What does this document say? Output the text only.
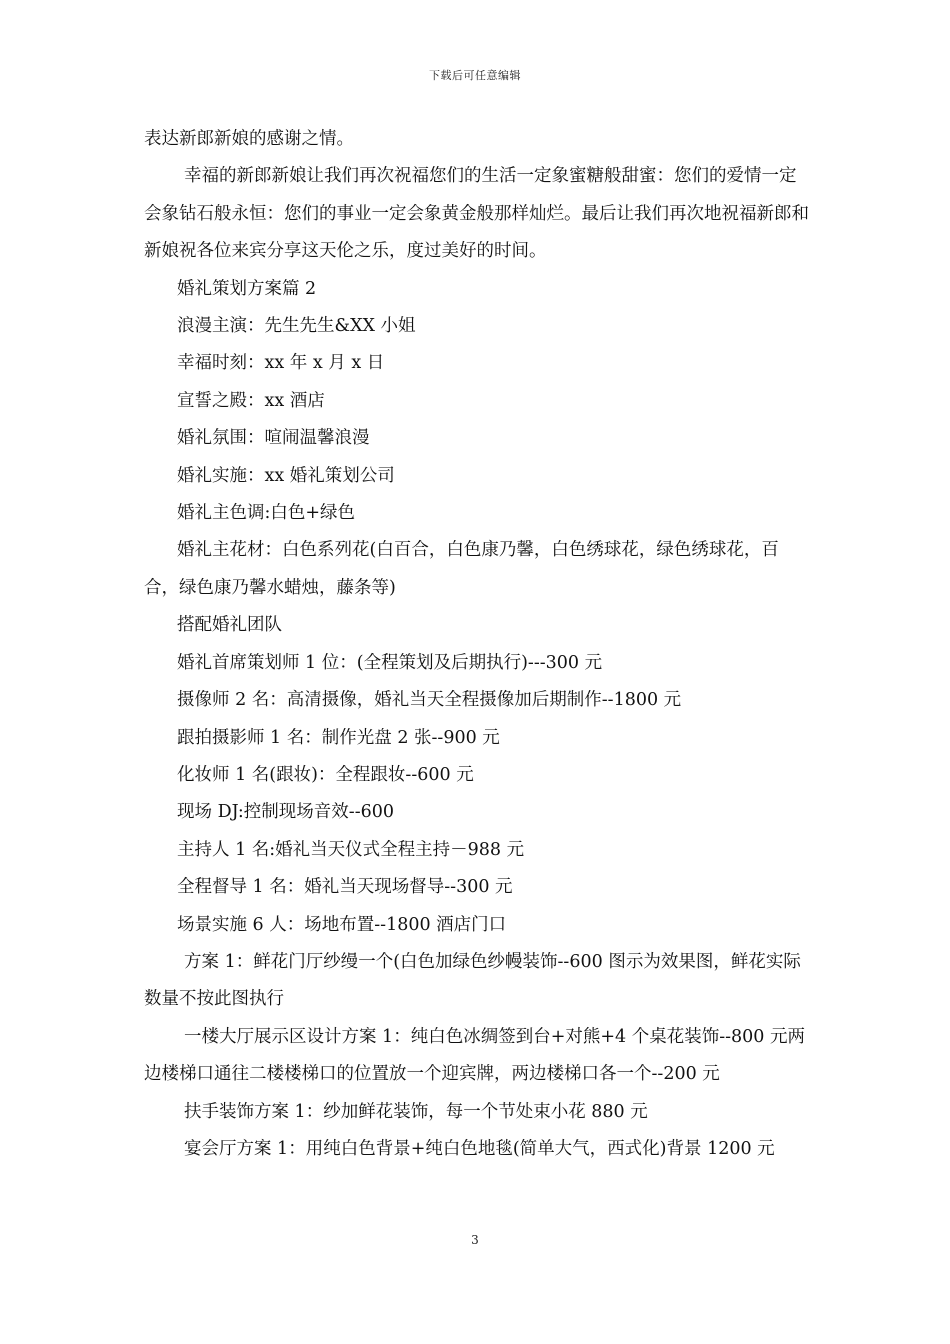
下载后可任意编辑

表达新郎新娘的感谢之情。

幸福的新郎新娘让我们再次祝福您们的生活一定象蜜糖般甜蜜：您们的爱情一定会象钻石般永恒：您们的事业一定会象黄金般那样灿烂。最后让我们再次地祝福新郎和新娘祝各位来宾分享这天伦之乐，度过美好的时间。

婚礼策划方案篇 2

浪漫主演：先生先生&XX 小姐

幸福时刻：xx 年 x 月 x 日

宣誓之殿：xx 酒店

婚礼氛围：喧闹温馨浪漫

婚礼实施：xx 婚礼策划公司

婚礼主色调:白色+绿色

婚礼主花材：白色系列花(白百合，白色康乃馨，白色绣球花，绿色绣球花，百合，绿色康乃馨水蜡烛，藤条等)

搭配婚礼团队

婚礼首席策划师 1 位：(全程策划及后期执行)---300 元

摄像师 2 名：高清摄像，婚礼当天全程摄像加后期制作--1800 元

跟拍摄影师 1 名：制作光盘 2 张--900 元

化妆师 1 名(跟妆)：全程跟妆--600 元

现场 DJ:控制现场音效--600

主持人 1 名:婚礼当天仪式全程主持－988 元

全程督导 1 名：婚礼当天现场督导--300 元

场景实施 6 人：场地布置--1800 酒店门口

方案 1：鲜花门厅纱缦一个(白色加绿色纱幔装饰--600 图示为效果图，鲜花实际数量不按此图执行

一楼大厅展示区设计方案 1：纯白色冰绸签到台+对熊+4 个桌花装饰--800 元两边楼梯口通往二楼楼梯口的位置放一个迎宾牌，两边楼梯口各一个--200 元

扶手装饰方案 1：纱加鲜花装饰，每一个节处束小花 880 元

宴会厅方案 1：用纯白色背景+纯白色地毯(简单大气，西式化)背景 1200 元

3
